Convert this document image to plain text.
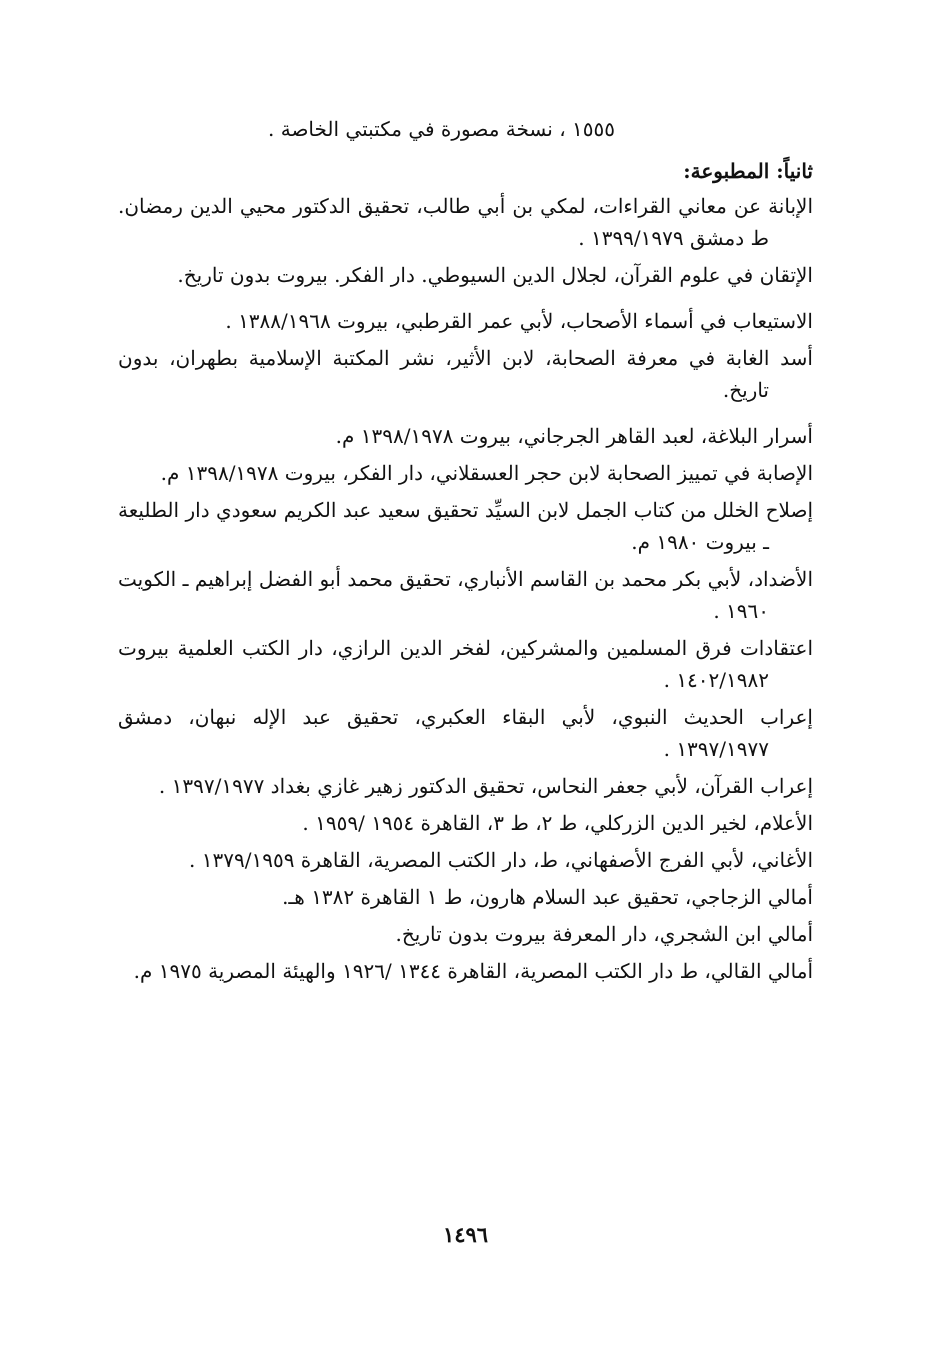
١٥٥٥ ، نسخة مصورة في مكتبتي الخاصة .
ثانياً: المطبوعة:
الإبانة عن معاني القراءات، لمكي بن أبي طالب، تحقيق الدكتور محيي الدين رمضان. ط دمشق ١٣٩٩/١٩٧٩ .
الإتقان في علوم القرآن، لجلال الدين السيوطي. دار الفكر. بيروت بدون تاريخ.
الاستيعاب في أسماء الأصحاب، لأبي عمر القرطبي، بيروت ١٣٨٨/١٩٦٨ .
أسد الغابة في معرفة الصحابة، لابن الأثير، نشر المكتبة الإسلامية بطهران، بدون تاريخ.
أسرار البلاغة، لعبد القاهر الجرجاني، بيروت ١٣٩٨/١٩٧٨ م.
الإصابة في تمييز الصحابة لابن حجر العسقلاني، دار الفكر، بيروت ١٣٩٨/١٩٧٨ م.
إصلاح الخلل من كتاب الجمل لابن السيِّد تحقيق سعيد عبد الكريم سعودي دار الطليعة ـ بيروت ١٩٨٠ م.
الأضداد، لأبي بكر محمد بن القاسم الأنباري، تحقيق محمد أبو الفضل إبراهيم ـ الكويت ١٩٦٠ .
اعتقادات فرق المسلمين والمشركين، لفخر الدين الرازي، دار الكتب العلمية بيروت ١٤٠٢/١٩٨٢ .
إعراب الحديث النبوي، لأبي البقاء العكبري، تحقيق عبد الإله نبهان، دمشق ١٣٩٧/١٩٧٧ .
إعراب القرآن، لأبي جعفر النحاس، تحقيق الدكتور زهير غازي بغداد ١٣٩٧/١٩٧٧ .
الأعلام، لخير الدين الزركلي، ط ٢، ط ٣، القاهرة ١٩٥٤ /١٩٥٩ .
الأغاني، لأبي الفرج الأصفهاني، ط، دار الكتب المصرية، القاهرة ١٣٧٩/١٩٥٩ .
أمالي الزجاجي، تحقيق عبد السلام هارون، ط ١ القاهرة ١٣٨٢ هـ.
أمالي ابن الشجري، دار المعرفة بيروت بدون تاريخ.
أمالي القالي، ط دار الكتب المصرية، القاهرة ١٣٤٤ /١٩٢٦ والهيئة المصرية ١٩٧٥ م.
١٤٩٦
